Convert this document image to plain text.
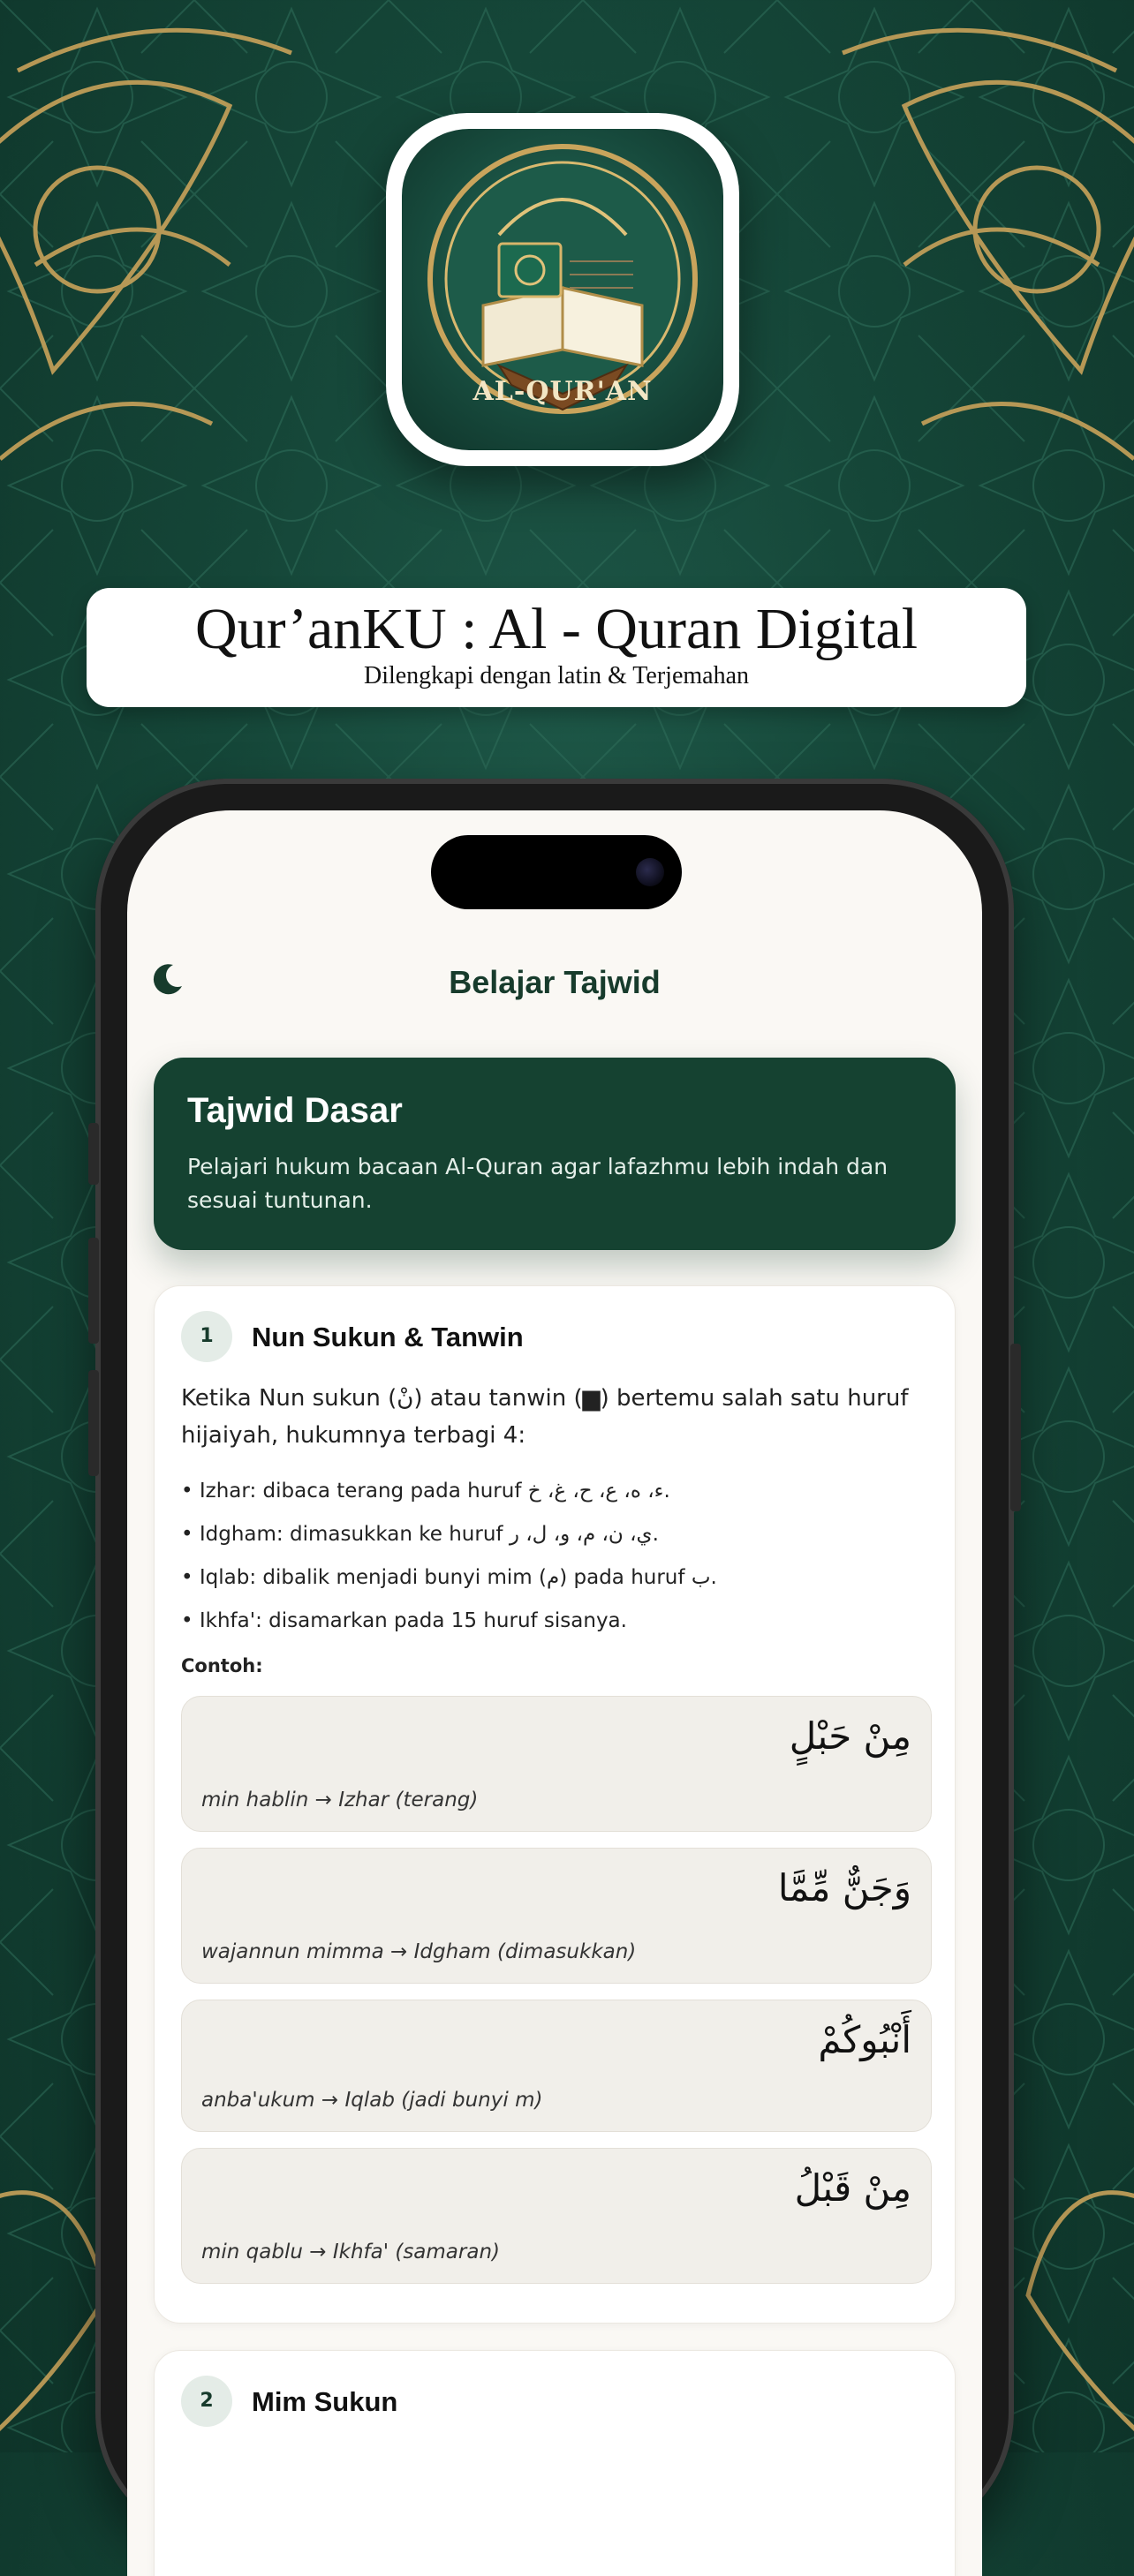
AL-QUR'AN
Qur’anKU : Al - Quran Digital
Dilengkapi dengan latin & Terjemahan
Belajar Tajwid
Tajwid Dasar
Pelajari hukum bacaan Al-Quran agar lafazhmu lebih indah dan sesuai tuntunan.
1	Nun Sukun & Tanwin
Ketika Nun sukun (نْ) atau tanwin (▆) bertemu salah satu huruf hijaiyah, hukumnya terbagi 4:
• Izhar: dibaca terang pada huruf ء، ه، ع، ح، غ، خ.
• Idgham: dimasukkan ke huruf ي، ن، م، و، ل، ر.
• Iqlab: dibalik menjadi bunyi mim (م) pada huruf ب.
• Ikhfa': disamarkan pada 15 huruf sisanya.
Contoh:
مِنْ حَبْلٍ
min hablin → Izhar (terang)
وَجَنٌّ مِّمَّا
wajannun mimma → Idgham (dimasukkan)
أَنْبُوكُمْ
anba'ukum → Iqlab (jadi bunyi m)
مِنْ قَبْلُ
min qablu → Ikhfa' (samaran)
2	Mim Sukun
